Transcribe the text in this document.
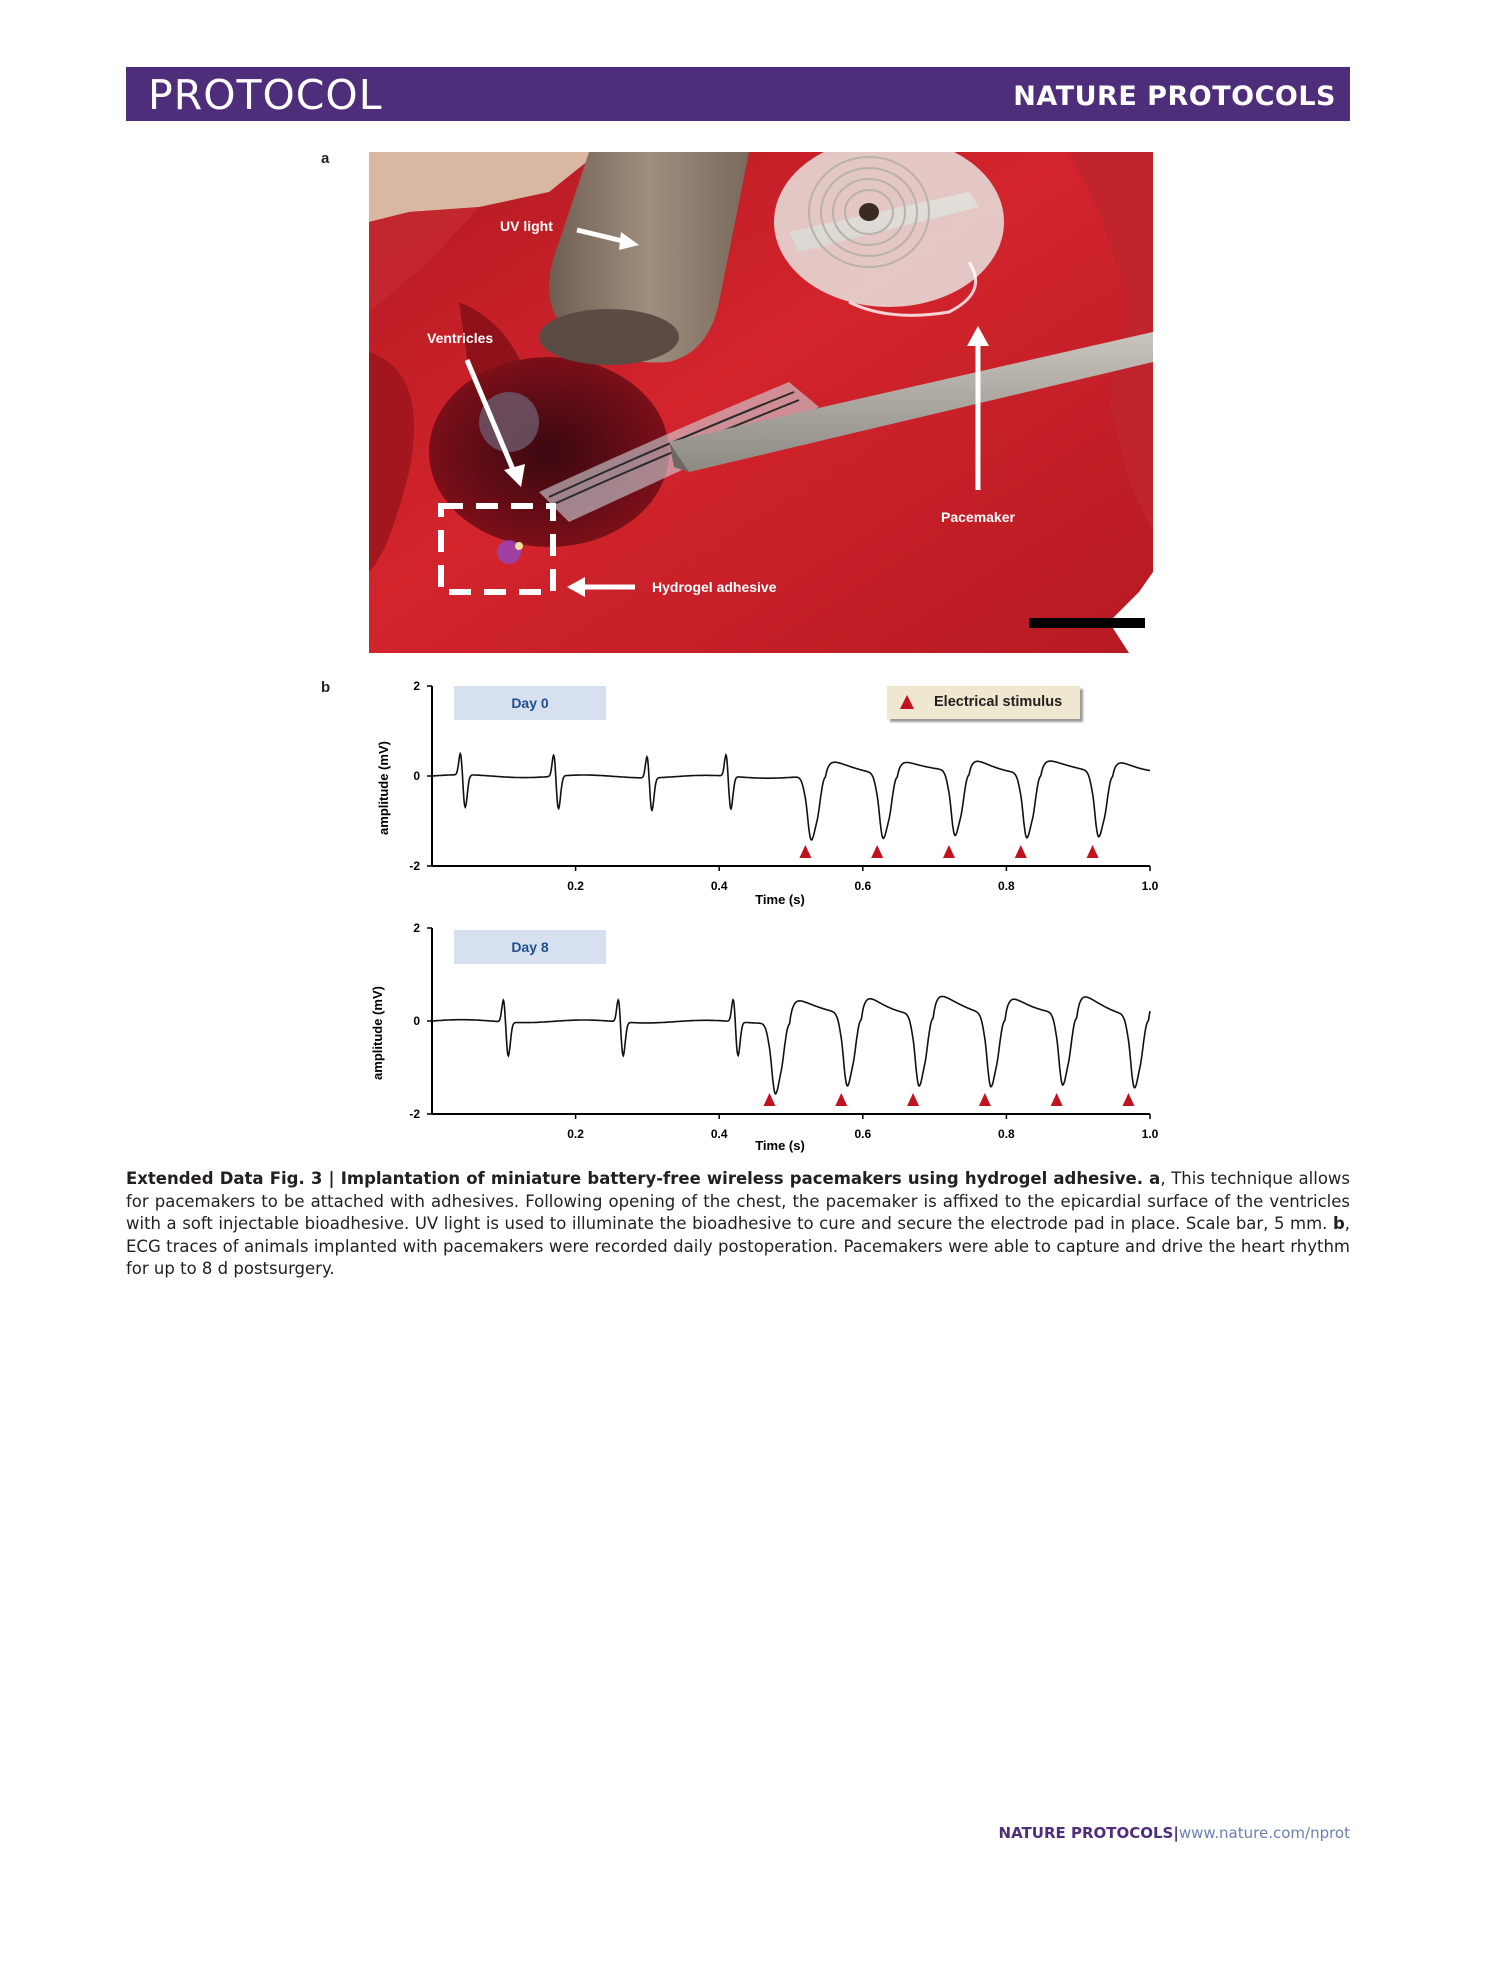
PROTOCOL	NATURE PROTOCOLS
a
b
UV light
Ventricles
Pacemaker
Hydrogel adhesive
2
0
-2
0.2	0.4	0.6	0.8	1.0
Time (s)
amplitude (mV)
Day 0
2
0
-2
0.2	0.4	0.6	0.8	1.0
Time (s)
amplitude (mV)
Day 8
Electrical stimulus
Extended Data Fig. 3 | Implantation of miniature battery-free wireless pacemakers using hydrogel adhesive. a, This technique allows for pacemakers to be attached with adhesives. Following opening of the chest, the pacemaker is affixed to the epicardial surface of the ventricles with a soft injectable bioadhesive. UV light is used to illuminate the bioadhesive to cure and secure the electrode pad in place. Scale bar, 5 mm. b, ECG traces of animals implanted with pacemakers were recorded daily postoperation. Pacemakers were able to capture and drive the heart rhythm for up to 8 d postsurgery.
NATURE PROTOCOLS|www.nature.com/nprot
